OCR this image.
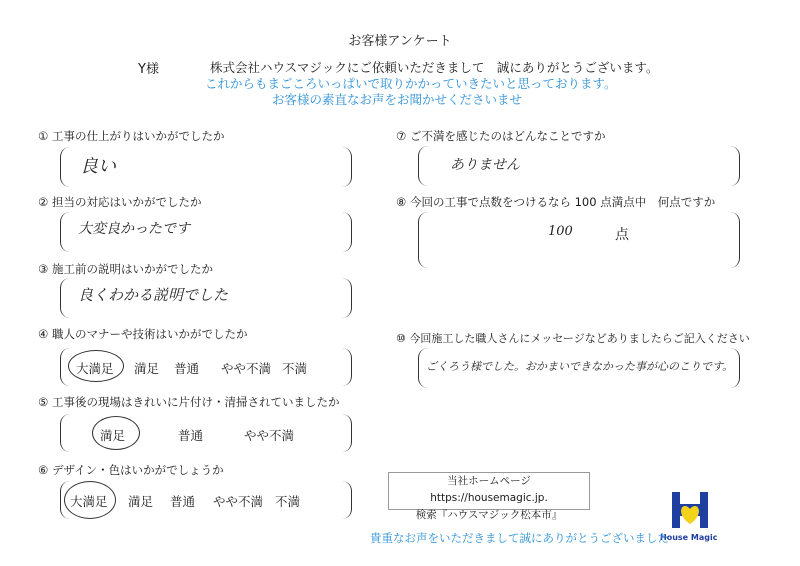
お客様アンケート
Y様	株式会社ハウスマジックにご依頼いただきまして　誠にありがとうございます。
これからもまごころいっぱいで取りかかっていきたいと思っております。
お客様の素直なお声をお聞かせくださいませ
① 工事の仕上がりはいかがでしたか
良い
② 担当の対応はいかがでしたか
大変良かったです
③ 施工前の説明はいかがでしたか
良くわかる説明でした
④ 職人のマナーや技術はいかがでしたか
大満足 満足 普通 やや不満 不満
⑤ 工事後の現場はきれいに片付け・清掃されていましたか
満足	普通	やや不満
⑥ デザイン・色はいかがでしょうか
大満足 満足 普通 やや不満 不満
⑦ ご不満を感じたのはどんなことですか
ありません
⑧ 今回の工事で点数をつけるなら 100 点満点中　何点ですか
100	点
⑩ 今回施工した職人さんにメッセージなどありましたらご記入ください
ごくろう様でした。おかまいできなかった事が心のこりです。
当社ホームページ https://housemagic.jp.
検索『ハウスマジック松本市』
House Magic
貴重なお声をいただきまして誠にありがとうございました
